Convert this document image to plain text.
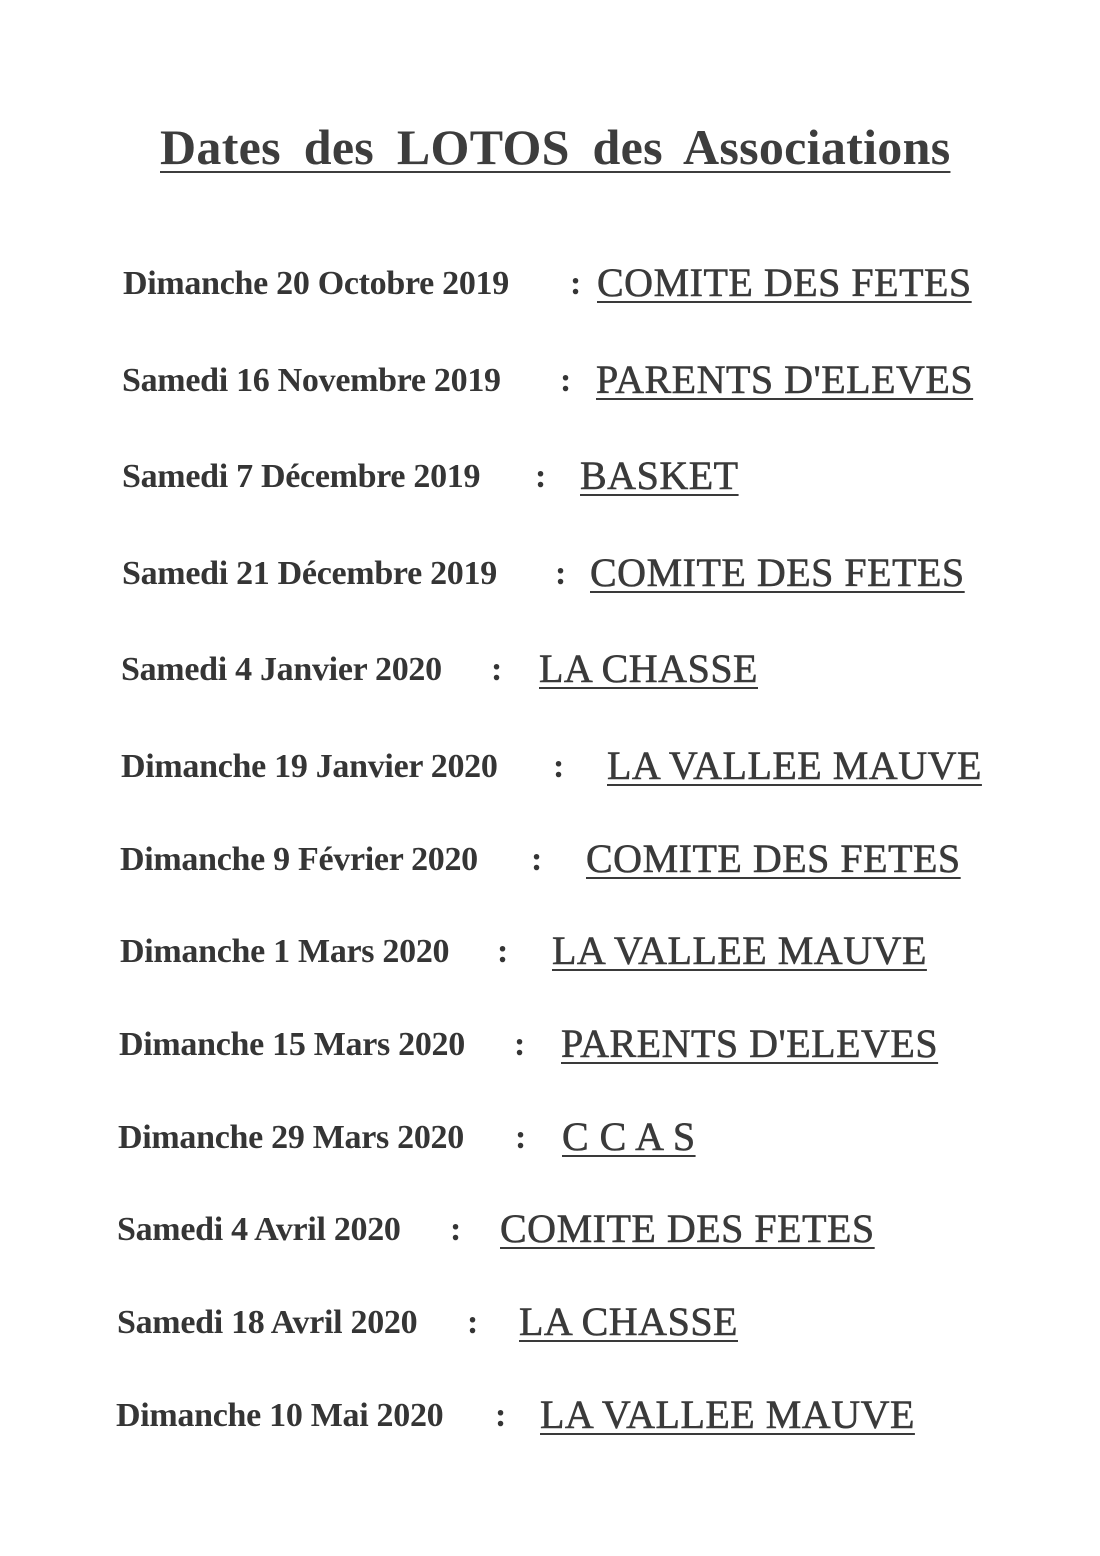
Dates des LOTOS des Associations
Dimanche 20 Octobre 2019 : COMITE DES FETES
Samedi 16 Novembre 2019 : PARENTS D'ELEVES
Samedi 7 Décembre 2019 : BASKET
Samedi 21 Décembre 2019 : COMITE DES FETES
Samedi 4 Janvier 2020 : LA CHASSE
Dimanche 19 Janvier 2020 : LA VALLEE MAUVE
Dimanche 9 Février 2020 : COMITE DES FETES
Dimanche 1 Mars 2020 : LA VALLEE MAUVE
Dimanche 15 Mars 2020 : PARENTS D'ELEVES
Dimanche 29 Mars 2020 : C C A S
Samedi 4 Avril 2020 : COMITE DES FETES
Samedi 18 Avril 2020 : LA CHASSE
Dimanche 10 Mai 2020 : LA VALLEE MAUVE
